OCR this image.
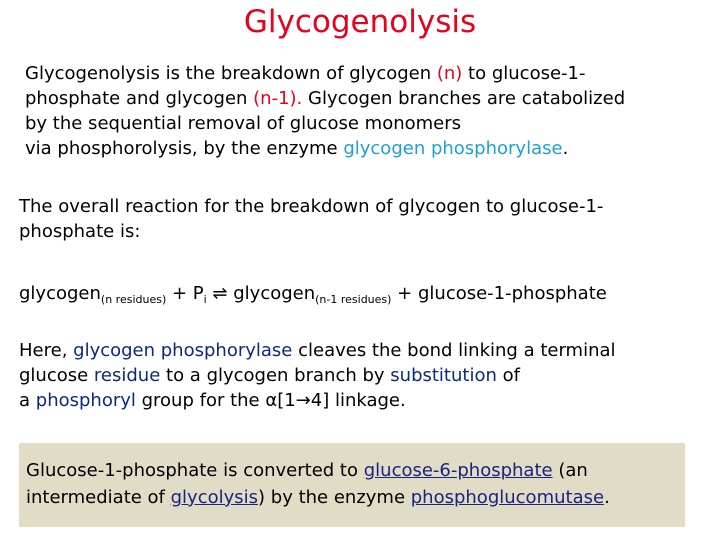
Glycogenolysis
Glycogenolysis is the breakdown of glycogen (n) to glucose-1-
phosphate and glycogen (n-1). Glycogen branches are catabolized
by the sequential removal of glucose monomers
via phosphorolysis, by the enzyme glycogen phosphorylase.
The overall reaction for the breakdown of glycogen to glucose-1-
phosphate is:
glycogen$_{(n residues)}$ + $P_i$ ⇌ glycogen$_{(n-1 residues)}$ + glucose-1-phosphate
Here, glycogen phosphorylase cleaves the bond linking a terminal
glucose residue to a glycogen branch by substitution of
a phosphoryl group for the α[1→4] linkage.
Glucose-1-phosphate is converted to glucose-6-phosphate (an
intermediate of glycolysis) by the enzyme phosphoglucomutase.
